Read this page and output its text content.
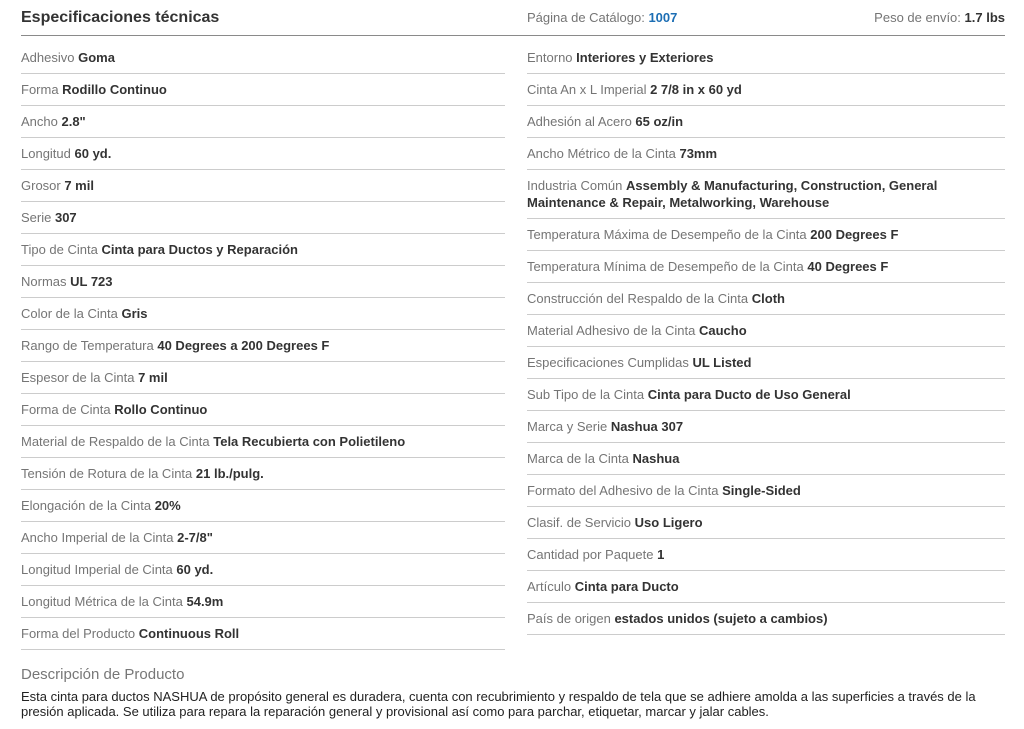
Especificaciones técnicas	Página de Catálogo: 1007	Peso de envío: 1.7 lbs
Adhesivo Goma
Forma Rodillo Continuo
Ancho 2.8"
Longitud 60 yd.
Grosor 7 mil
Serie 307
Tipo de Cinta Cinta para Ductos y Reparación
Normas UL 723
Color de la Cinta Gris
Rango de Temperatura 40 Degrees a 200 Degrees F
Espesor de la Cinta 7 mil
Forma de Cinta Rollo Continuo
Material de Respaldo de la Cinta Tela Recubierta con Polietileno
Tensión de Rotura de la Cinta 21 lb./pulg.
Elongación de la Cinta 20%
Ancho Imperial de la Cinta 2-7/8"
Longitud Imperial de Cinta 60 yd.
Longitud Métrica de la Cinta 54.9m
Forma del Producto Continuous Roll
Entorno Interiores y Exteriores
Cinta An x L Imperial 2 7/8 in x 60 yd
Adhesión al Acero 65 oz/in
Ancho Métrico de la Cinta 73mm
Industria Común Assembly & Manufacturing, Construction, General Maintenance & Repair, Metalworking, Warehouse
Temperatura Máxima de Desempeño de la Cinta 200 Degrees F
Temperatura Mínima de Desempeño de la Cinta 40 Degrees F
Construcción del Respaldo de la Cinta Cloth
Material Adhesivo de la Cinta Caucho
Especificaciones Cumplidas UL Listed
Sub Tipo de la Cinta Cinta para Ducto de Uso General
Marca y Serie Nashua 307
Marca de la Cinta Nashua
Formato del Adhesivo de la Cinta Single-Sided
Clasif. de Servicio Uso Ligero
Cantidad por Paquete 1
Artículo Cinta para Ducto
País de origen estados unidos (sujeto a cambios)
Descripción de Producto

Esta cinta para ductos NASHUA de propósito general es duradera, cuenta con recubrimiento y respaldo de tela que se adhiere amolda a las superficies a través de la presión aplicada. Se utiliza para repara la reparación general y provisional así como para parchar, etiquetar, marcar y jalar cables.
